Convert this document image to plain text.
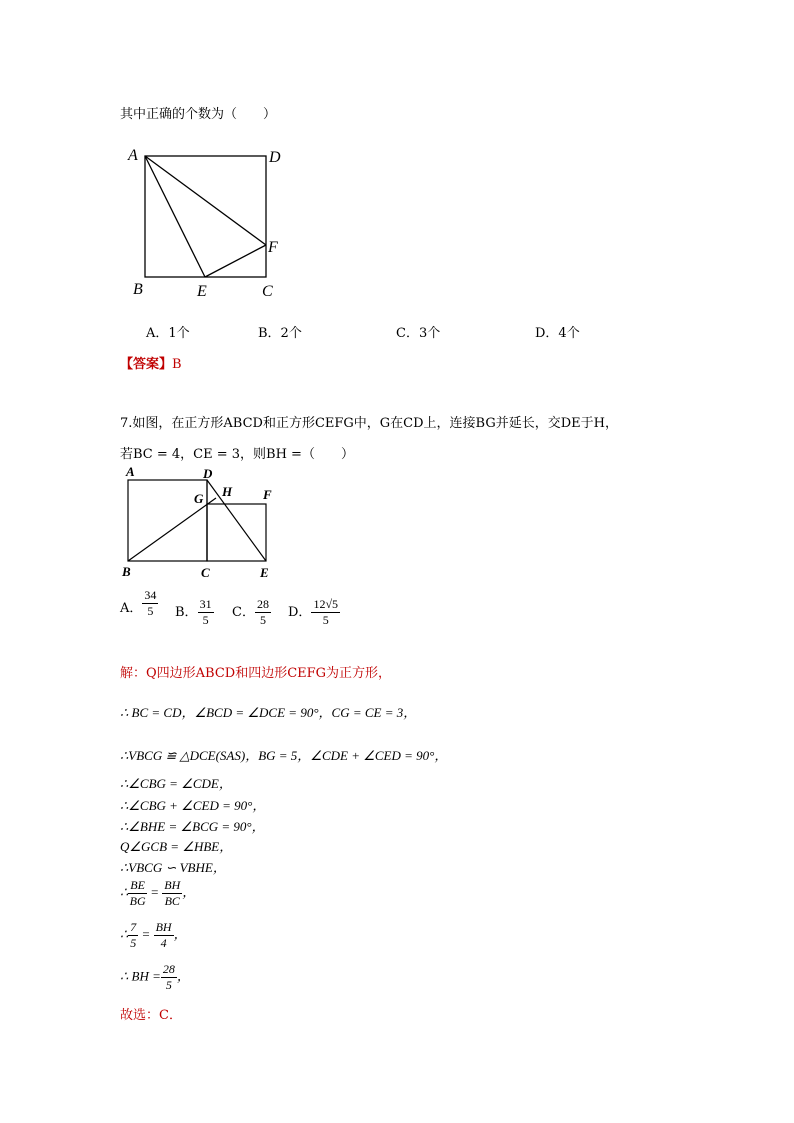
其中正确的个数为（　　）
A	D
F
B	E	C
A．1个	B．2个	C．3个	D．4个
【答案】B
7.如图，在正方形ABCD和正方形CEFG中，G在CD上，连接BG并延长，交DE于H，
若BC = 4，CE = 3，则BH =（　　）
A	D
G H F
B	C	E
A． $\frac{34}{5}$ B． $\frac{31}{5}$ C． $\frac{28}{5}$ D． $\frac{12√5}{5}$
解：Q四边形ABCD和四边形CEFG为正方形，
∴ BC = CD，∠BCD = ∠DCE = 90°，CG = CE = 3，
∴VBCG ≌ △DCE(SAS)，BG = 5，∠CDE + ∠CED = 90°，
∴∠CBG = ∠CDE，
∴∠CBG + ∠CED = 90°，
∴∠BHE = ∠BCG = 90°，
Q∠GCB = ∠HBE，
∴VBCG ∽ VBHE，
∴ $\frac{BE}{BG} = \frac{BH}{BC}$ ，
∴ $\frac{7}{5} = \frac{BH}{4}$ ，
∴ BH = $\frac{28}{5}$ ，
故选：C．
